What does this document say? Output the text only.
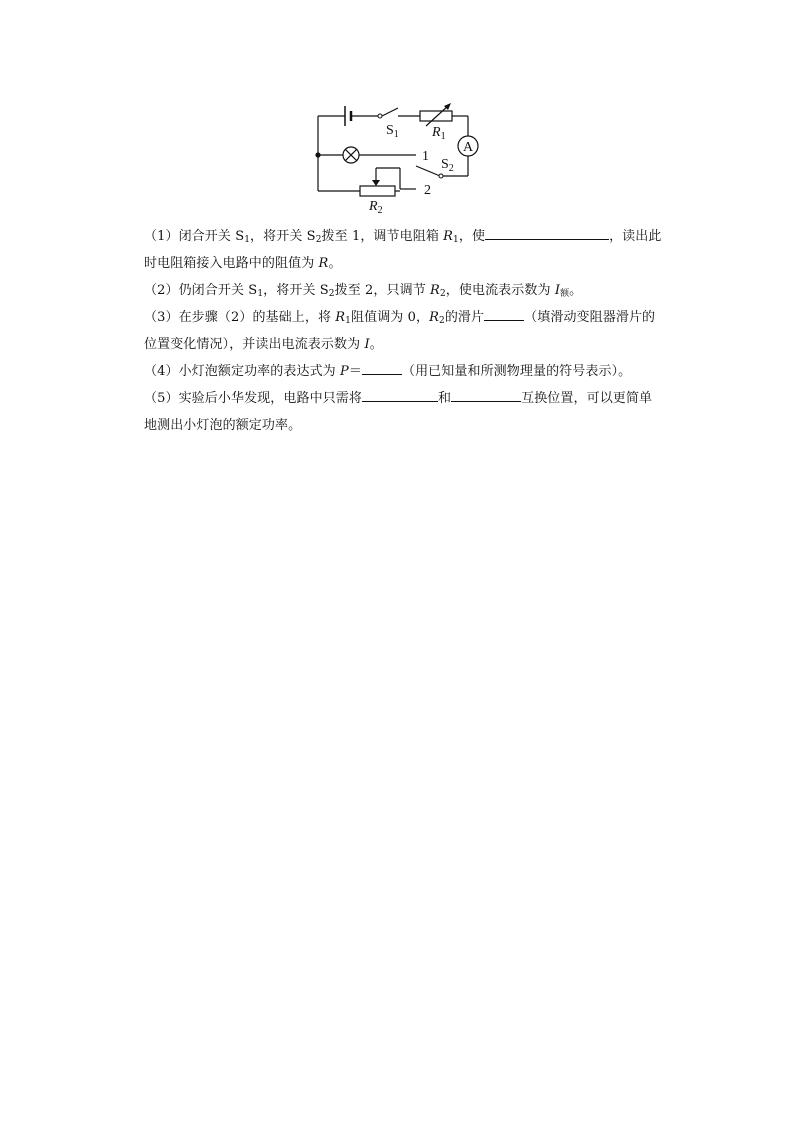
$S_1$ $R_1$
A
1
$S_2$
2
$R_2$
（1）闭合开关 $S_1$，将开关 $S_2$拨至 1，调节电阻箱 $R_1$，使	，读出此
时电阻箱接入电路中的阻值为 R。
（2）仍闭合开关 $S_1$，将开关 $S_2$拨至 2，只调节 $R_2$，使电流表示数为 $I_额$。
（3）在步骤（2）的基础上，将 $R_1$阻值调为 0，$R_2$的滑片	（填滑动变阻器滑片的
位置变化情况），并读出电流表示数为 I。
（4）小灯泡额定功率的表达式为 P＝	（用已知量和所测物理量的符号表示）。
（5）实验后小华发现，电路中只需将	和	互换位置，可以更简单
地测出小灯泡的额定功率。
